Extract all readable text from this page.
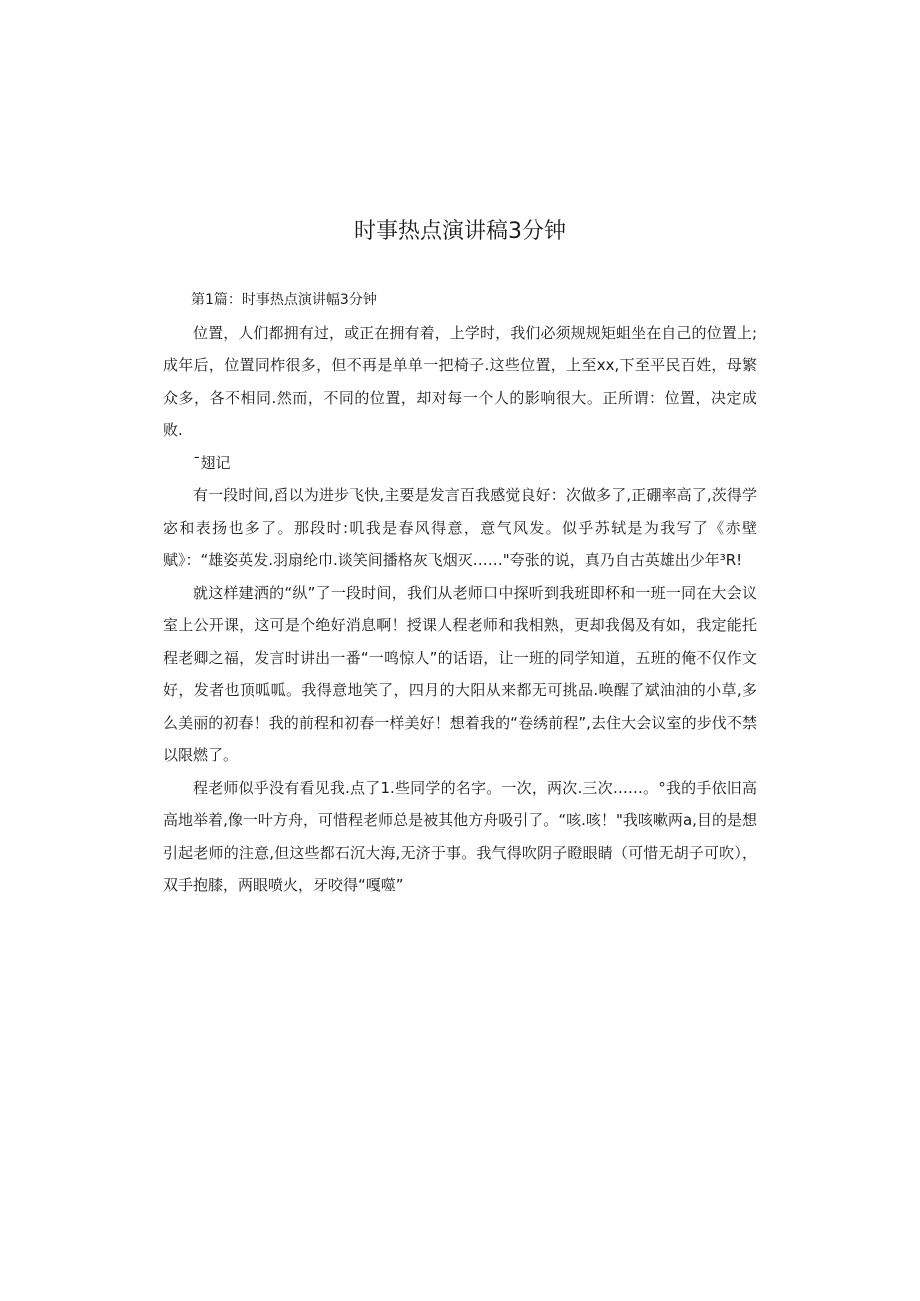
时事热点演讲稿3分钟

第1篇：时事热点演讲幅3分钟

位置，人们都拥有过，或正在拥有着，上学时，我们必须规规矩蛆坐在自己的位置上;成年后，位置同柞很多，但不再是单单一把椅子.这些位置，上至xx,下至平民百姓，母繁众多，各不相同.然而，不同的位置，却对每一个人的影响很大。正所谓：位置，决定成败.

¯翅记

有一段时间,舀以为进步飞快,主要是发言百我感觉良好：次做多了,正硼率高了,茨得学宓和表扬也多了。那段时:叽我是春风得意，意气风发。似乎苏轼是为我写了《赤壁赋》：“雄姿英发.羽扇纶巾.谈笑间播格灰飞烟灭……"夸张的说，真乃自古英雄出少年³R!

就这样建洒的“纵”了一段时间，我们从老师口中探听到我班即杯和一班一同在大会议室上公开课，这可是个绝好消息啊！授课人程老师和我相熟，更却我偈及有如，我定能托程老卿之福，发言时讲出一番“一鸣惊人”的话语，让一班的同学知道，五班的俺不仅作文好，发者也顶呱呱。我得意地笑了，四月的大阳从来都无可挑品.唤醒了斌油油的小草,多么美丽的初春！我的前程和初春一样美好！想着我的“卷绣前程”,去住大会议室的步伐不禁以限燃了。

程老师似乎没有看见我.点了1.些同学的名字。一次，两次.三次……。°我的手依旧高高地举着,像一叶方舟，可惜程老师总是被其他方舟吸引了。“咳.咳！"我咳嗽两a,目的是想引起老师的注意,但这些都石沉大海,无济于事。我气得吹阴子瞪眼睛（可惜无胡子可吹），双手抱膝，两眼喷火，牙咬得“嘎噬”
